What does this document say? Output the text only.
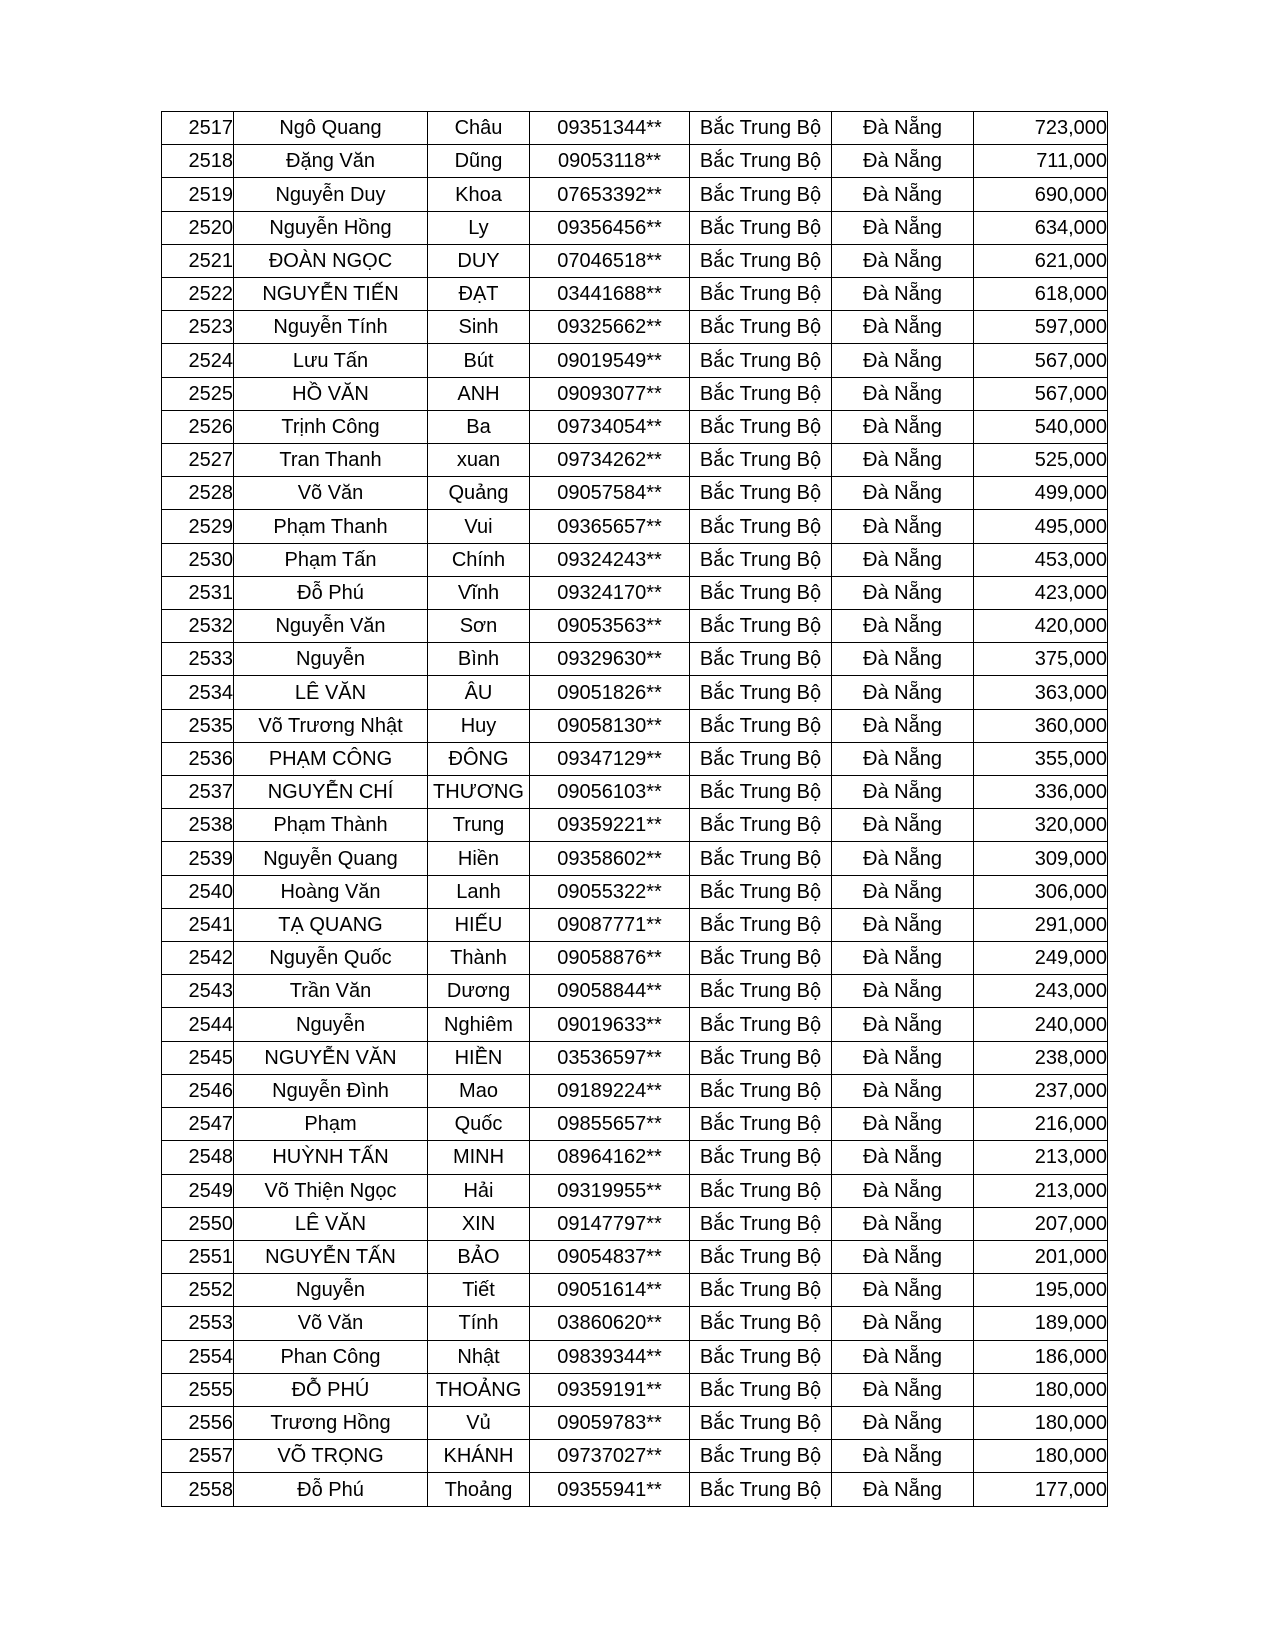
2517	Ngô Quang	Châu	09351344**	Bắc Trung Bộ	Đà Nẵng	723,000
2518	Đặng Văn	Dũng	09053118**	Bắc Trung Bộ	Đà Nẵng	711,000
2519	Nguyễn Duy	Khoa	07653392**	Bắc Trung Bộ	Đà Nẵng	690,000
2520	Nguyễn Hồng	Ly	09356456**	Bắc Trung Bộ	Đà Nẵng	634,000
2521	ĐOÀN NGỌC	DUY	07046518**	Bắc Trung Bộ	Đà Nẵng	621,000
2522	NGUYỄN TIẾN	ĐẠT	03441688**	Bắc Trung Bộ	Đà Nẵng	618,000
2523	Nguyễn Tính	Sinh	09325662**	Bắc Trung Bộ	Đà Nẵng	597,000
2524	Lưu Tấn	Bút	09019549**	Bắc Trung Bộ	Đà Nẵng	567,000
2525	HỒ VĂN	ANH	09093077**	Bắc Trung Bộ	Đà Nẵng	567,000
2526	Trịnh Công	Ba	09734054**	Bắc Trung Bộ	Đà Nẵng	540,000
2527	Tran Thanh	xuan	09734262**	Bắc Trung Bộ	Đà Nẵng	525,000
2528	Võ Văn	Quảng	09057584**	Bắc Trung Bộ	Đà Nẵng	499,000
2529	Phạm Thanh	Vui	09365657**	Bắc Trung Bộ	Đà Nẵng	495,000
2530	Phạm Tấn	Chính	09324243**	Bắc Trung Bộ	Đà Nẵng	453,000
2531	Đỗ Phú	Vĩnh	09324170**	Bắc Trung Bộ	Đà Nẵng	423,000
2532	Nguyễn Văn	Sơn	09053563**	Bắc Trung Bộ	Đà Nẵng	420,000
2533	Nguyễn	Bình	09329630**	Bắc Trung Bộ	Đà Nẵng	375,000
2534	LÊ VĂN	ÂU	09051826**	Bắc Trung Bộ	Đà Nẵng	363,000
2535	Võ Trương Nhật	Huy	09058130**	Bắc Trung Bộ	Đà Nẵng	360,000
2536	PHẠM CÔNG	ĐÔNG	09347129**	Bắc Trung Bộ	Đà Nẵng	355,000
2537	NGUYỄN CHÍ	THƯƠNG	09056103**	Bắc Trung Bộ	Đà Nẵng	336,000
2538	Phạm Thành	Trung	09359221**	Bắc Trung Bộ	Đà Nẵng	320,000
2539	Nguyễn Quang	Hiền	09358602**	Bắc Trung Bộ	Đà Nẵng	309,000
2540	Hoàng Văn	Lanh	09055322**	Bắc Trung Bộ	Đà Nẵng	306,000
2541	TẠ QUANG	HIẾU	09087771**	Bắc Trung Bộ	Đà Nẵng	291,000
2542	Nguyễn Quốc	Thành	09058876**	Bắc Trung Bộ	Đà Nẵng	249,000
2543	Trần Văn	Dương	09058844**	Bắc Trung Bộ	Đà Nẵng	243,000
2544	Nguyễn	Nghiêm	09019633**	Bắc Trung Bộ	Đà Nẵng	240,000
2545	NGUYỄN VĂN	HIỀN	03536597**	Bắc Trung Bộ	Đà Nẵng	238,000
2546	Nguyễn Đình	Mao	09189224**	Bắc Trung Bộ	Đà Nẵng	237,000
2547	Phạm	Quốc	09855657**	Bắc Trung Bộ	Đà Nẵng	216,000
2548	HUỲNH TẤN	MINH	08964162**	Bắc Trung Bộ	Đà Nẵng	213,000
2549	Võ Thiện Ngọc	Hải	09319955**	Bắc Trung Bộ	Đà Nẵng	213,000
2550	LÊ VĂN	XIN	09147797**	Bắc Trung Bộ	Đà Nẵng	207,000
2551	NGUYỄN TẤN	BẢO	09054837**	Bắc Trung Bộ	Đà Nẵng	201,000
2552	Nguyễn	Tiết	09051614**	Bắc Trung Bộ	Đà Nẵng	195,000
2553	Võ Văn	Tính	03860620**	Bắc Trung Bộ	Đà Nẵng	189,000
2554	Phan Công	Nhật	09839344**	Bắc Trung Bộ	Đà Nẵng	186,000
2555	ĐỖ PHÚ	THOẢNG	09359191**	Bắc Trung Bộ	Đà Nẵng	180,000
2556	Trương Hồng	Vủ	09059783**	Bắc Trung Bộ	Đà Nẵng	180,000
2557	VÕ TRỌNG	KHÁNH	09737027**	Bắc Trung Bộ	Đà Nẵng	180,000
2558	Đỗ Phú	Thoảng	09355941**	Bắc Trung Bộ	Đà Nẵng	177,000
